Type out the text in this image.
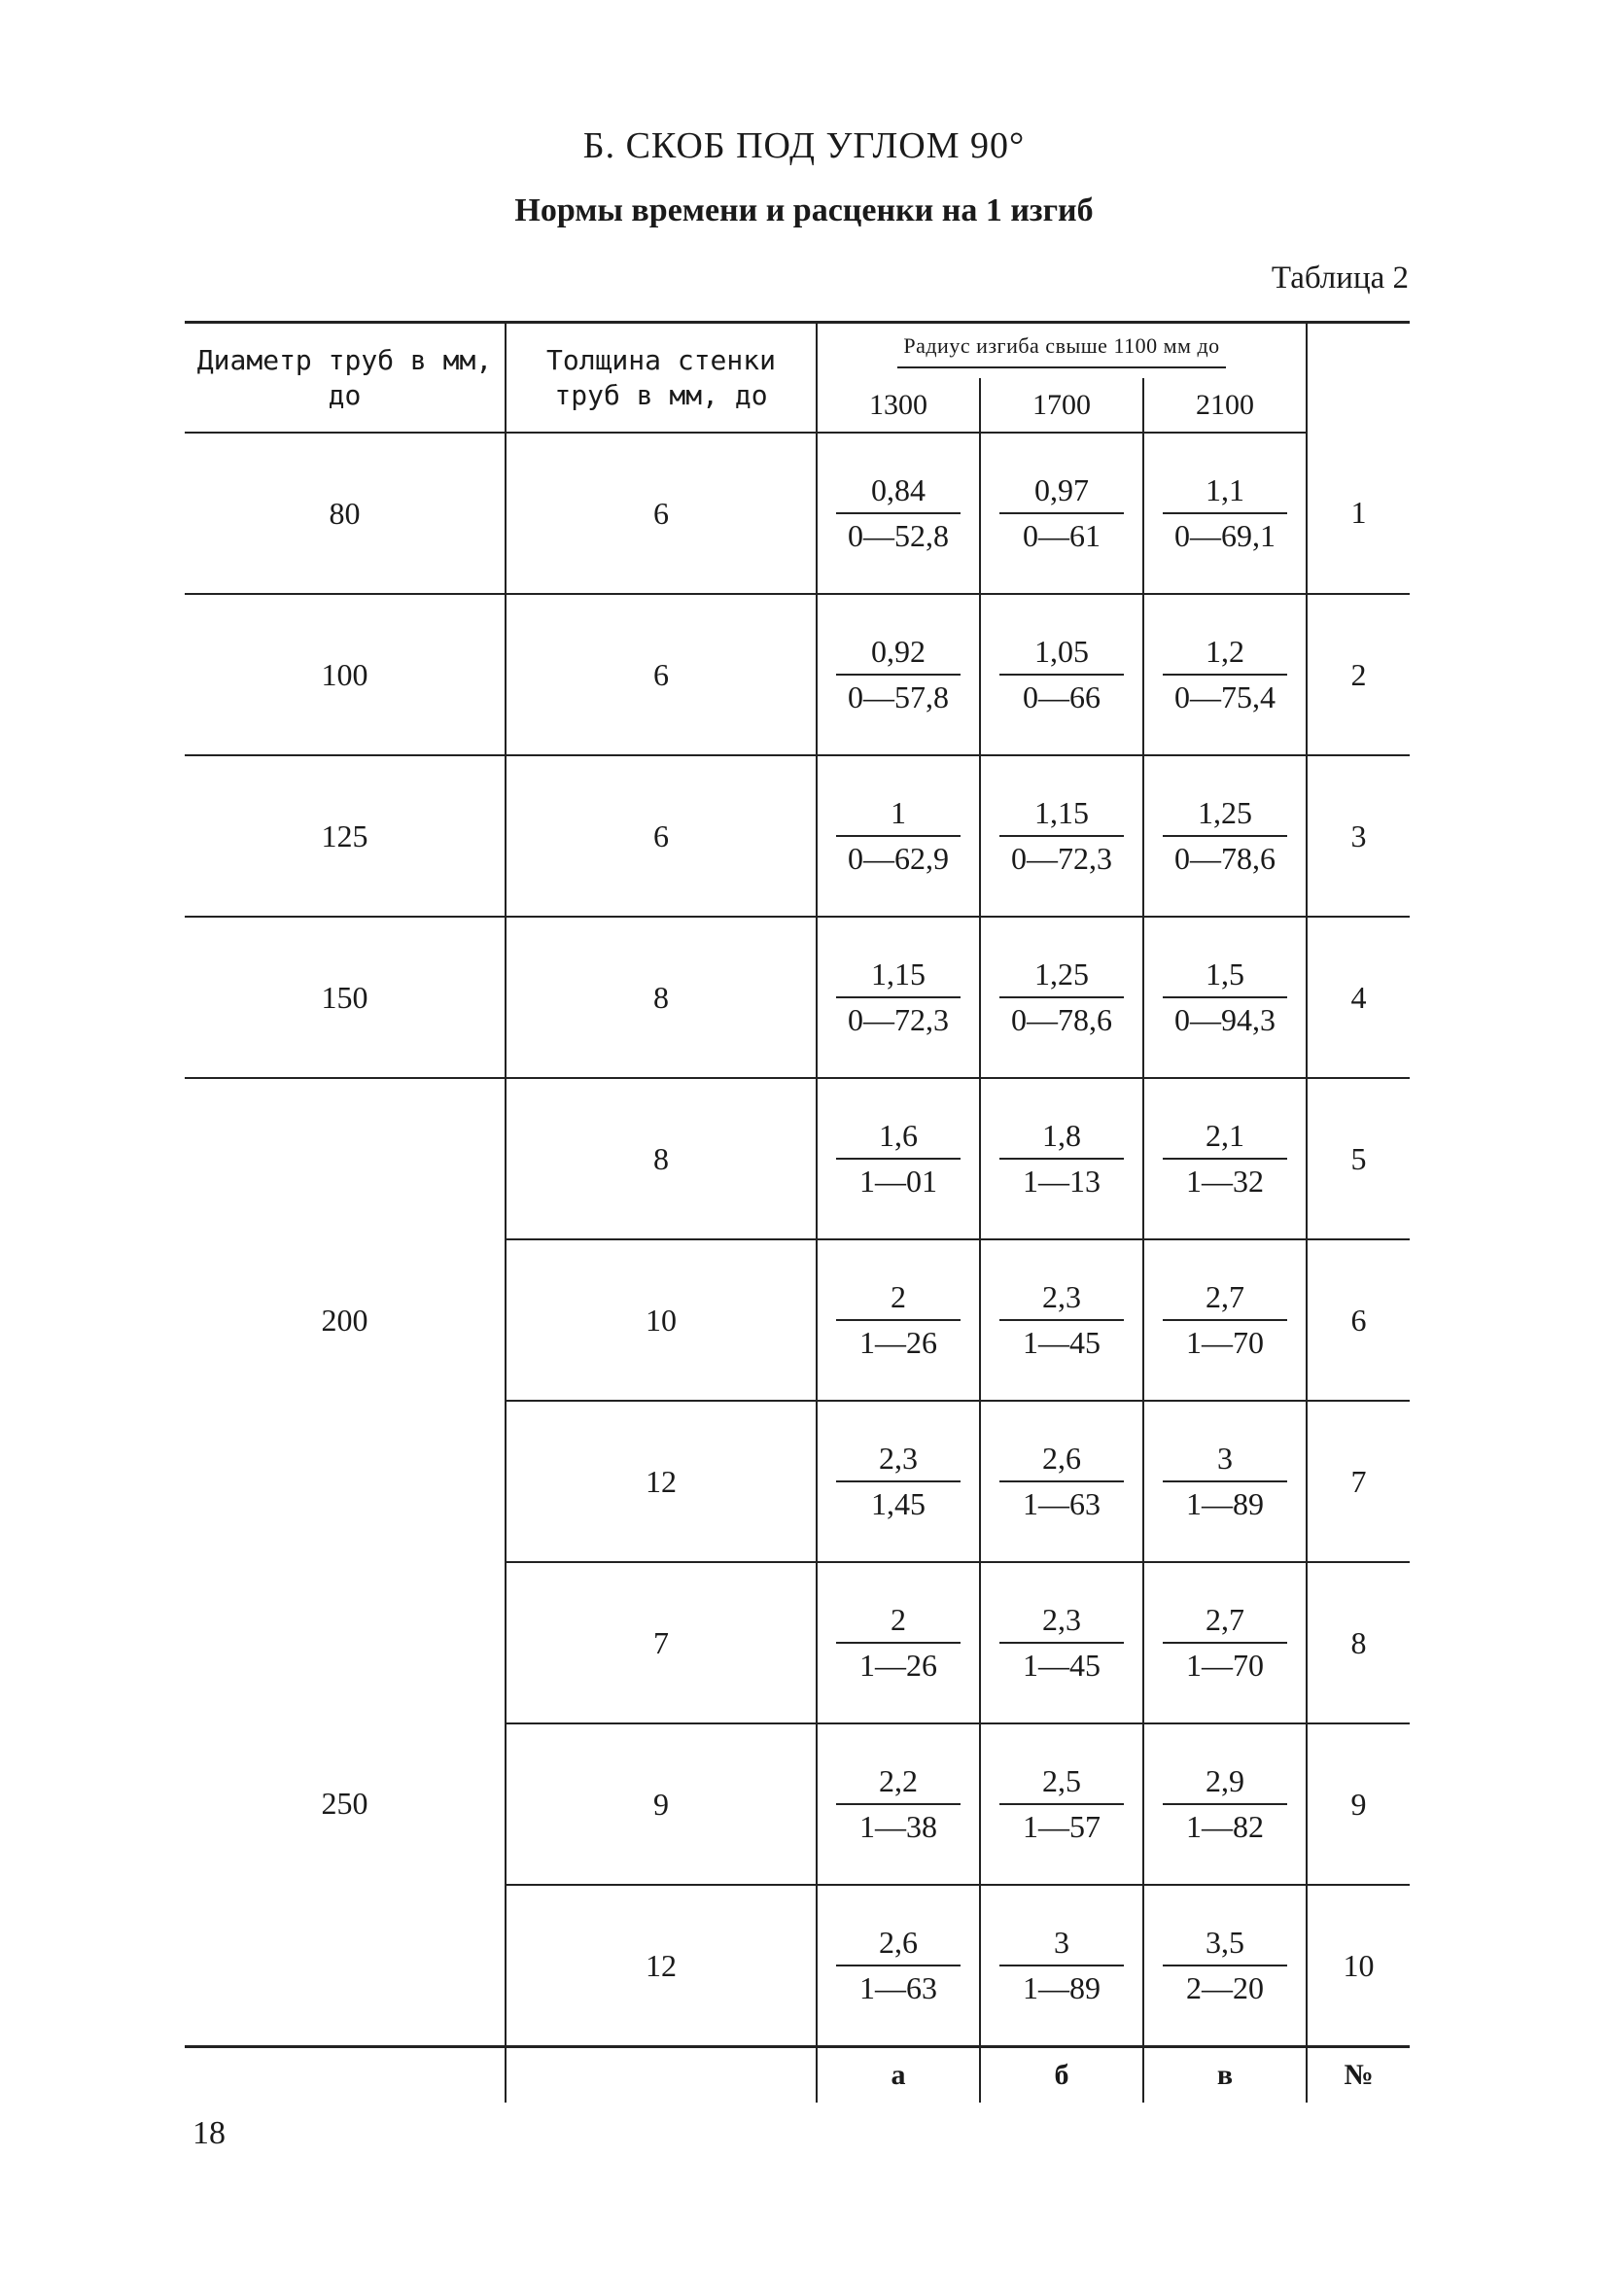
Б. СКОБ ПОД УГЛОМ 90°
Нормы времени и расценки на 1 изгиб
Таблица 2
Диаметр труб в мм, до	Толщина стенки труб в мм, до	Радиус изгиба свыше 1100 мм до			
		1300	1700	2100	
80	6	$\frac{0,84}{0—52,8}$	$\frac{0,97}{0—61}$	$\frac{1,1}{0—69,1}$	1
100	6	$\frac{0,92}{0—57,8}$	$\frac{1,05}{0—66}$	$\frac{1,2}{0—75,4}$	2
125	6	$\frac{1}{0—62,9}$	$\frac{1,15}{0—72,3}$	$\frac{1,25}{0—78,6}$	3
150	8	$\frac{1,15}{0—72,3}$	$\frac{1,25}{0—78,6}$	$\frac{1,5}{0—94,3}$	4
200	8	$\frac{1,6}{1—01}$	$\frac{1,8}{1—13}$	$\frac{2,1}{1—32}$	5
	10	$\frac{2}{1—26}$	$\frac{2,3}{1—45}$	$\frac{2,7}{1—70}$	6
	12	$\frac{2,3}{1,45}$	$\frac{2,6}{1—63}$	$\frac{3}{1—89}$	7
250	7	$\frac{2}{1—26}$	$\frac{2,3}{1—45}$	$\frac{2,7}{1—70}$	8
	9	$\frac{2,2}{1—38}$	$\frac{2,5}{1—57}$	$\frac{2,9}{1—82}$	9
	12	$\frac{2,6}{1—63}$	$\frac{3}{1—89}$	$\frac{3,5}{2—20}$	10
		а	б	в	№
18
